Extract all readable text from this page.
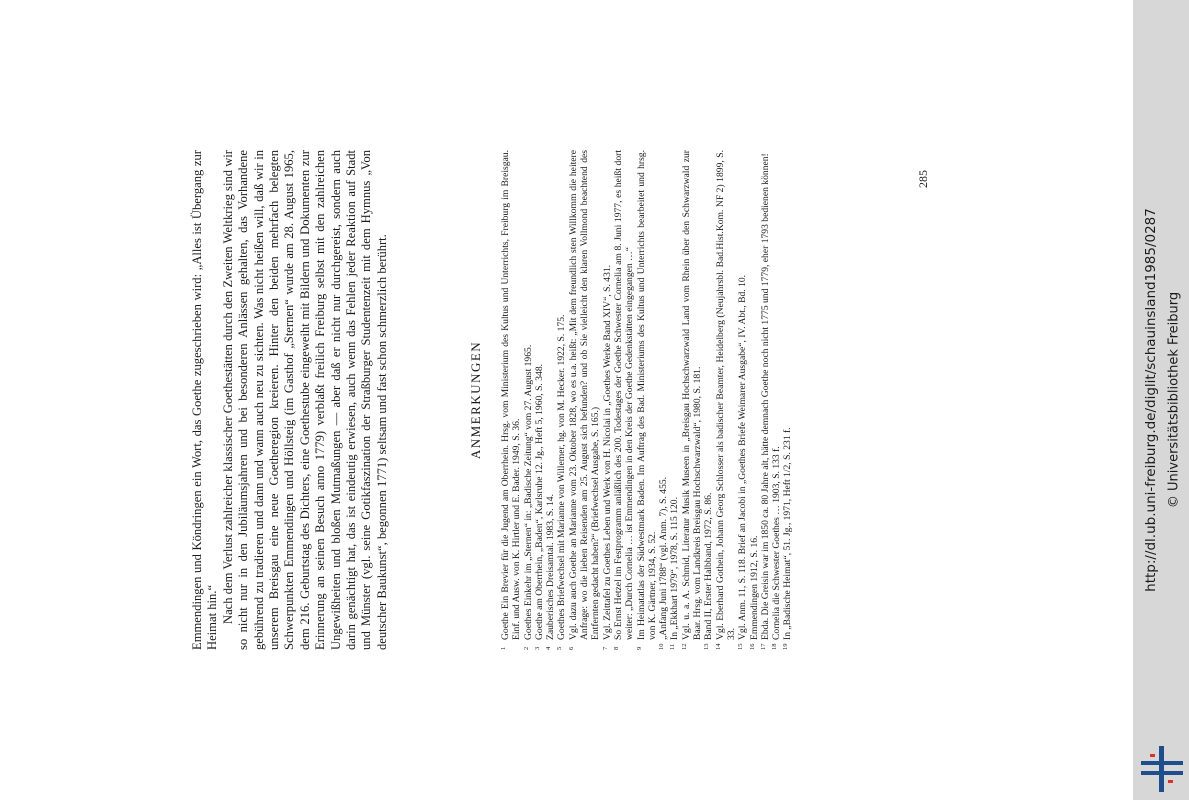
Emmendingen und Köndringen ein Wort, das Goethe zugeschrieben wird: „Alles ist Übergang zur Heimat hin.“ Nach dem Verlust zahlreicher klassischer Goethestätten durch den Zweiten Weltkrieg sind wir so nicht nur in den Jubiläumsjahren und bei besonderen Anlässen gehalten, das Vorhandene gebührend zu tradieren und dann und wann auch neu zu sichten. Was nicht heißen will, daß wir in unserem Breisgau eine neue Goetheregion kreieren. Hinter den beiden mehrfach belegten Schwerpunkten Emmendingen und Höllsteig (im Gasthof „Sternen“ wurde am 28. August 1965, dem 216. Geburtstag des Dichters, eine Goethestube eingeweiht mit Bildern und Dokumenten zur Erinnerung an seinen Besuch anno 1779) verblaßt freilich Freiburg selbst mit den zahlreichen Ungewißheiten und bloßen Mutmaßungen — aber daß er nicht nur durchgereist, sondern auch darin genächtigt hat, das ist eindeutig erwiesen, auch wenn das Fehlen jeder Reaktion auf Stadt und Münster (vgl. seine Gotikfaszination der Straßburger Studentenzeit mit dem Hymnus „Von deutscher Baukunst“, begonnen 1771) seltsam und fast schon schmerzlich berührt.	ANMERKUNGEN

1
Goethe Ein Brevier für die Jugend am Oberrhein. Hrsg. vom Ministerium des Kultus und Unterrichts, Freiburg im Breisgau. Einf. und Ausw. von K. Hirtler und E. Bader. 1949, S. 36.

2
Goethes Einkehr im „Sternen“ in: „Badische Zeitung“ vom 27. August 1965.

3
Goethe am Oberrhein, „Baden“, Karlsruhe 12. Jg., Heft 5, 1960, S. 348.

4
Zauberisches Dreisamtal. 1983, S. 14.

5
Goethes Briefwechsel mit Marianne von Willemer, hg. von M. Hecker. 1922, S. 175.

6
Vgl. dazu auch Goethe an Marianne vom 23. Oktober 1828, wo es u.a. heißt: „Mit dem freundlich sten Willkomm die heitere Anfrage: wo die lieben Reisenden am 25. August sich befunden? und ob Sie vielleicht den klaren Vollmond beachtend des Entfernten gedacht haben?“ (Briefwechsel Ausgabe, S. 165.)

7
Vgl. Zeittafel zu Goethes Leben und Werk von H. Nicolai in „Goethes Werke Band XIV“, S. 431.

8
So Ernst Hetzel im Festprogramm anläßlich des 200. Todestages der Goethe Schwester Cornelia am 8. Juni 1977, es heißt dort weiter: „Durch Cornelia … ist Emmendingen in den Kreis der Goethe Gedenkstätten eingegangen …“

9
Im Heimatatlas der Südwestmark Baden. Im Auftrag des Bad. Ministeriums des Kultus und Unterrichts bearbeitet und hrsg. von K. Gärtner, 1934, S. 52.

10
„Anfang Juni 1788“ (vgl. Anm. 7), S. 455.

11
In „Ekkhart 1979“, 1978, S. 115 120.

12
Vgl. u. a. A. Schmid, Literatur Musik Museen in „Breisgau Hochschwarzwald Land vom Rhein über den Schwarzwald zur Baar. Hrsg. vom Landkreis Breisgau Hochschwarzwald“, 1980, S. 181.

13
Band II, Erster Halbband, 1972, S. 86.

14
Vgl. Eberhard Gothein, Johann Georg Schlosser als badischer Beamter, Heidelberg (Neujahrsbl. Bad.Hist.Kom. NF 2) 1899, S. 33.

15
Vgl. Anm. 11, S. 118. Brief an Jacobi in „Goethes Briefe Weimarer Ausgabe“, IV. Abt., Bd. 10.

16
Emmendingen 1912, S. 16.

17
Ebda. Die Greisin war im 1850 ca. 80 Jahre alt, hätte demnach Goethe noch nicht 1775 und 1779, eher 1793 bedienen können!

18
Cornelia die Schwester Goethes … 1903, S. 133 f.

19
In „Badische Heimat“, 51. Jg., 1971, Heft 1/2, S. 231 f.

285
http://dl.ub.uni-freiburg.de/diglit/schauinsland1985/0287 © Universitätsbibliothek Freiburg
